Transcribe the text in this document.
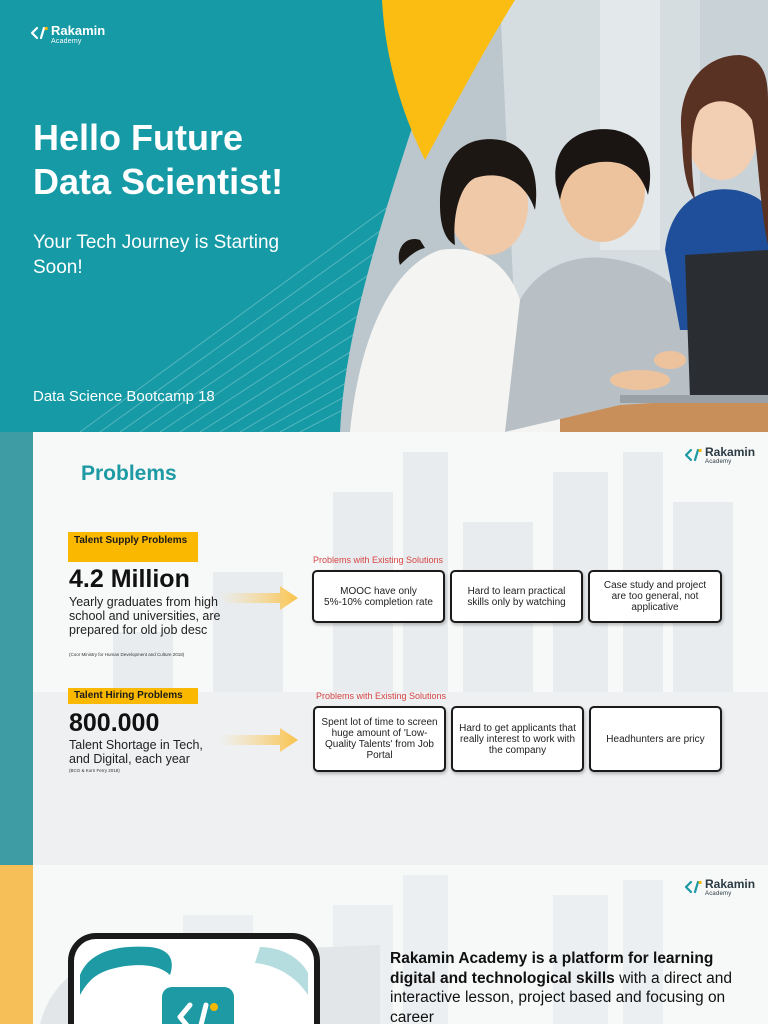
Rakamin
Academy
Hello Future
Data Scientist!

Your Tech Journey is Starting
Soon!

Data Science Bootcamp 18

Problems
Rakamin
Academy
Talent Supply Problems
4.2 Million
Yearly graduates from high school and universities, are prepared for old job desc
(Coor Ministry for Human Development and Culture 2018)
Problems with Existing Solutions
MOOC have only 5%-10% completion rate
Hard to learn practical skills only by watching
Case study and project are too general, not applicative
Talent Hiring Problems
800.000
Talent Shortage in Tech, and Digital, each year
(BCG & Korn Ferry 2018)
Problems with Existing Solutions
Spent lot of time to screen huge amount of 'Low-Quality Talents' from Job Portal
Hard to get applicants that really interest to work with the company
Headhunters are pricy
Rakamin
Academy

Rakamin Academy is a platform for learning digital and technological skills with a direct and interactive lesson, project based and focusing on career
